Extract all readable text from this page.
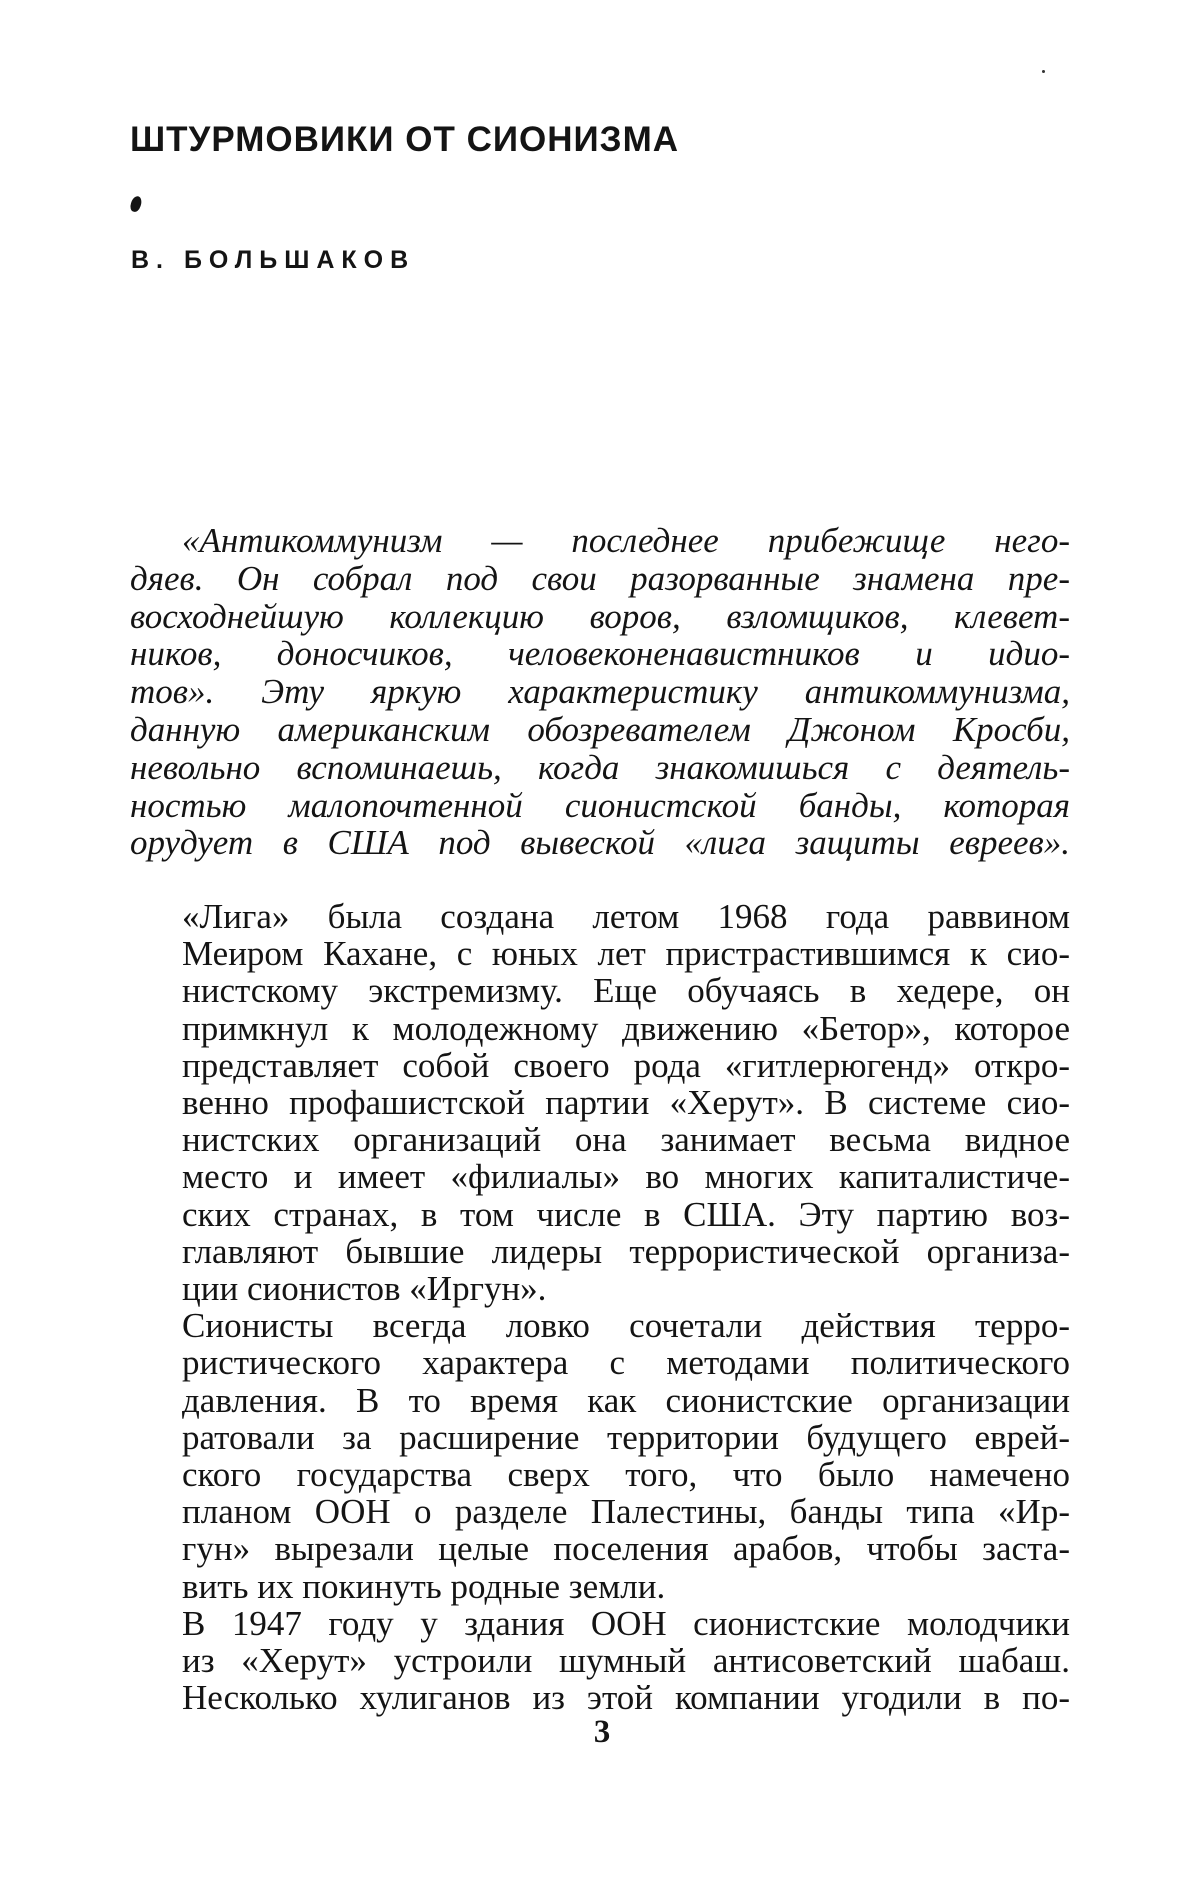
ШТУРМОВИКИ ОТ СИОНИЗМА

В. БОЛЬШАКОВ

«Антикоммунизм — последнее прибежище него-
дяев. Он собрал под свои разорванные знамена пре-
восходнейшую коллекцию воров, взломщиков, клевет-
ников, доносчиков, человеконенавистников и идио-
тов». Эту яркую характеристику антикоммунизма,
данную американским обозревателем Джоном Кросби,
невольно вспоминаешь, когда знакомишься с деятель-
ностью малопочтенной сионистской банды, которая
орудует в США под вывеской «лига защиты евреев».

«Лига» была создана летом 1968 года раввином
Меиром Кахане, с юных лет пристрастившимся к сио-
нистскому экстремизму. Еще обучаясь в хедере, он
примкнул к молодежному движению «Бетор», которое
представляет собой своего рода «гитлерюгенд» откро-
венно профашистской партии «Херут». В системе сио-
нистских организаций она занимает весьма видное
место и имеет «филиалы» во многих капиталистиче-
ских странах, в том числе в США. Эту партию воз-
главляют бывшие лидеры террористической организа-
ции сионистов «Иргун».

Сионисты всегда ловко сочетали действия терро-
ристического характера с методами политического
давления. В то время как сионистские организации
ратовали за расширение территории будущего еврей-
ского государства сверх того, что было намечено
планом ООН о разделе Палестины, банды типа «Ир-
гун» вырезали целые поселения арабов, чтобы заста-
вить их покинуть родные земли.

В 1947 году у здания ООН сионистские молодчики
из «Херут» устроили шумный антисоветский шабаш.
Несколько хулиганов из этой компании угодили в по-

3
